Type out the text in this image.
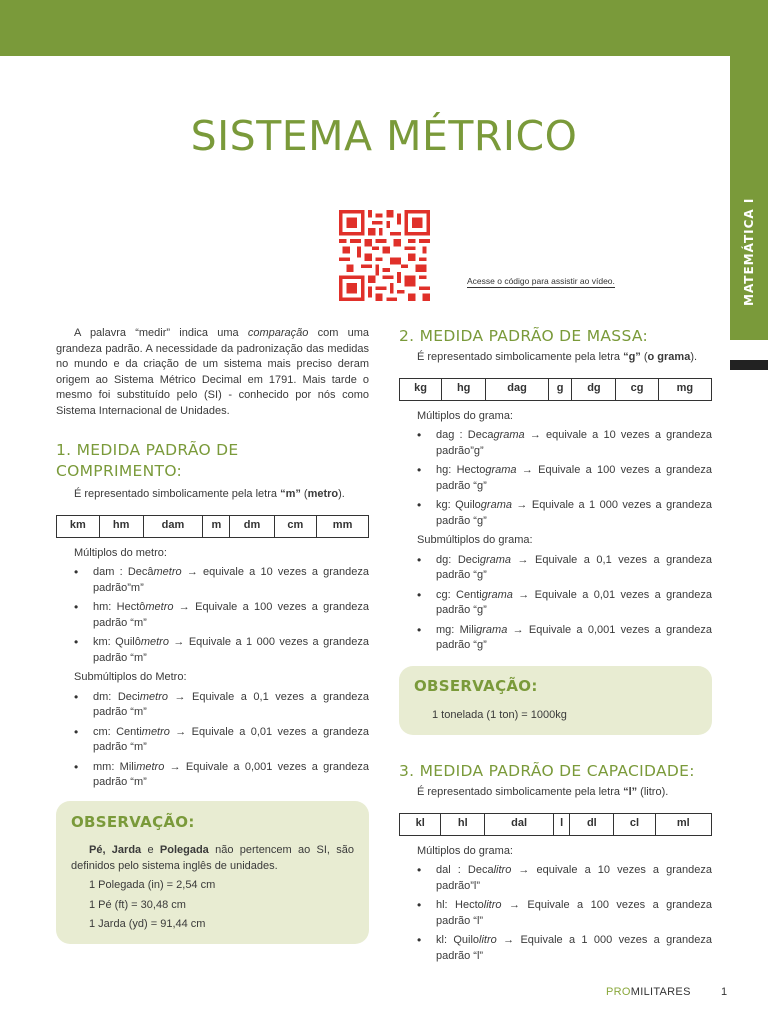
MATEMÁTICA I
SISTEMA MÉTRICO
Acesse o código para assistir ao vídeo.

A palavra “medir” indica uma comparação com uma grandeza padrão. A necessidade da padronização das medidas no mundo e da criação de um sistema mais preciso deram origem ao Sistema Métrico Decimal em 1791. Mais tarde o mesmo foi substituído pelo (SI) - conhecido por nós como Sistema Internacional de Unidades.

1. MEDIDA PADRÃO DE COMPRIMENTO:

É representado simbolicamente pela letra “m” (metro).

km	hm	dam	m	dm	cm	mm

Múltiplos do metro:

• dam : Decâmetro → equivale a 10 vezes a grandeza padrão”m”
• hm: Hectômetro → Equivale a 100 vezes a grandeza padrão “m”
• km: Quilômetro → Equivale a 1 000 vezes a grandeza padrão “m”

Submúltiplos do Metro:

• dm: Decimetro → Equivale a 0,1 vezes a grandeza padrão “m”
• cm: Centimetro → Equivale a 0,01 vezes a grandeza padrão “m”
• mm: Milimetro → Equivale a 0,001 vezes a grandeza padrão “m”
OBSERVAÇÃO:

Pé, Jarda e Polegada não pertencem ao SI, são definidos pelo sistema inglês de unidades.

1 Polegada (in) = 2,54 cm

1 Pé (ft) = 30,48 cm

1 Jarda (yd) = 91,44 cm

2. MEDIDA PADRÃO DE MASSA:

É representado simbolicamente pela letra “g” (o grama).

kg	hg	dag	g	dg	cg	mg

Múltiplos do grama:

• dag : Decagrama → equivale a 10 vezes a grandeza padrão”g”
• hg: Hectograma → Equivale a 100 vezes a grandeza padrão “g”
• kg: Quilograma → Equivale a 1 000 vezes a grandeza padrão “g”

Submúltiplos do grama:

• dg: Decigrama → Equivale a 0,1 vezes a grandeza padrão “g”
• cg: Centigrama → Equivale a 0,01 vezes a grandeza padrão “g”
• mg: Miligrama → Equivale a 0,001 vezes a grandeza padrão “g”
OBSERVAÇÃO:
1 tonelada (1 ton) = 1000kg
3. MEDIDA PADRÃO DE CAPACIDADE:

É representado simbolicamente pela letra “l” (litro).

kl	hl	dal	l	dl	cl	ml

Múltiplos do grama:

• dal : Decalitro → equivale a 10 vezes a grandeza padrão”l”
• hl: Hectolitro → Equivale a 100 vezes a grandeza padrão “l”
• kl: Quilolitro → Equivale a 1 000 vezes a grandeza padrão “l”
PROMILITARES	1
